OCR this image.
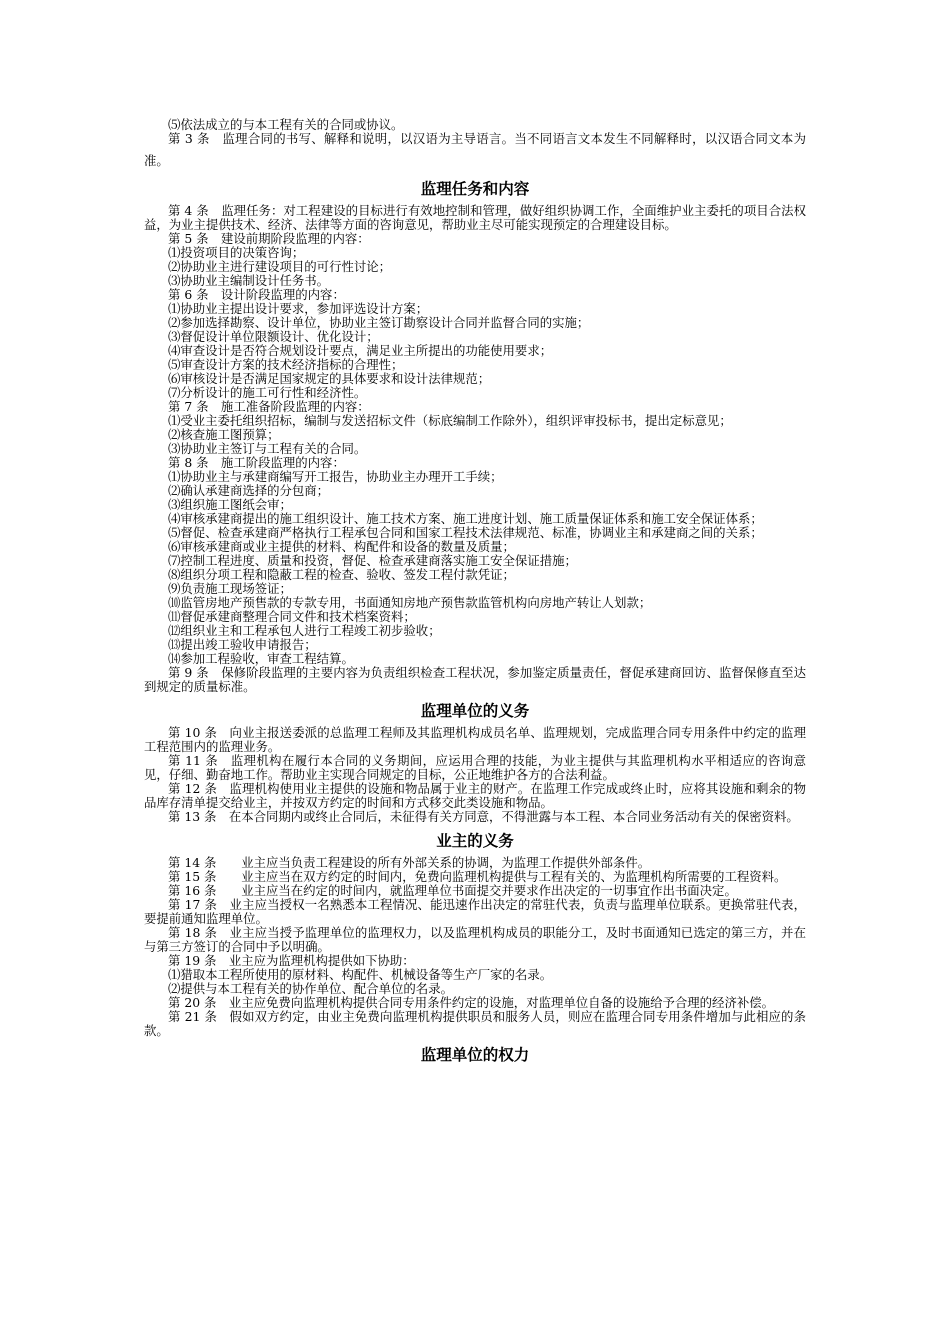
⑸依法成立的与本工程有关的合同或协议。

第 3 条　监理合同的书写、解释和说明，以汉语为主导语言。当不同语言文本发生不同解释时，以汉语合同文本为准。

监理任务和内容

第 4 条　监理任务：对工程建设的目标进行有效地控制和管理，做好组织协调工作，全面维护业主委托的项目合法权益，为业主提供技术、经济、法律等方面的咨询意见，帮助业主尽可能实现预定的合理建设目标。

第 5 条　建设前期阶段监理的内容：

⑴投资项目的决策咨询；

⑵协助业主进行建设项目的可行性讨论；

⑶协助业主编制设计任务书。

第 6 条　设计阶段监理的内容：

⑴协助业主提出设计要求，参加评选设计方案；

⑵参加选择勘察、设计单位，协助业主签订勘察设计合同并监督合同的实施；

⑶督促设计单位限额设计、优化设计；

⑷审查设计是否符合规划设计要点，满足业主所提出的功能使用要求；

⑸审查设计方案的技术经济指标的合理性；

⑹审核设计是否满足国家规定的具体要求和设计法律规范；

⑺分析设计的施工可行性和经济性。

第 7 条　施工准备阶段监理的内容：

⑴受业主委托组织招标，编制与发送招标文件（标底编制工作除外），组织评审投标书，提出定标意见；

⑵核查施工图预算；

⑶协助业主签订与工程有关的合同。

第 8 条　施工阶段监理的内容：

⑴协助业主与承建商编写开工报告，协助业主办理开工手续；

⑵确认承建商选择的分包商；

⑶组织施工图纸会审；

⑷审核承建商提出的施工组织设计、施工技术方案、施工进度计划、施工质量保证体系和施工安全保证体系；

⑸督促、检查承建商严格执行工程承包合同和国家工程技术法律规范、标准，协调业主和承建商之间的关系；

⑹审核承建商或业主提供的材料、构配件和设备的数量及质量；

⑺控制工程进度、质量和投资，督促、检查承建商落实施工安全保证措施；

⑻组织分项工程和隐蔽工程的检查、验收、签发工程付款凭证；

⑼负责施工现场签证；

⑽监管房地产预售款的专款专用，书面通知房地产预售款监管机构向房地产转让人划款；

⑾督促承建商整理合同文件和技术档案资料；

⑿组织业主和工程承包人进行工程竣工初步验收；

⒀提出竣工验收申请报告；

⒁参加工程验收，审查工程结算。

第 9 条　保修阶段监理的主要内容为负责组织检查工程状况，参加鉴定质量责任，督促承建商回访、监督保修直至达到规定的质量标准。

监理单位的义务

第 10 条　向业主报送委派的总监理工程师及其监理机构成员名单、监理规划，完成监理合同专用条件中约定的监理工程范围内的监理业务。

第 11 条　监理机构在履行本合同的义务期间，应运用合理的技能，为业主提供与其监理机构水平相适应的咨询意见，仔细、勤奋地工作。帮助业主实现合同规定的目标，公正地维护各方的合法利益。

第 12 条　监理机构使用业主提供的设施和物品属于业主的财产。在监理工作完成或终止时，应将其设施和剩余的物品库存清单提交给业主，并按双方约定的时间和方式移交此类设施和物品。

第 13 条　在本合同期内或终止合同后，未征得有关方同意，不得泄露与本工程、本合同业务活动有关的保密资料。

业主的义务

第 14 条　　业主应当负责工程建设的所有外部关系的协调，为监理工作提供外部条件。

第 15 条　　业主应当在双方约定的时间内，免费向监理机构提供与工程有关的、为监理机构所需要的工程资料。

第 16 条　　业主应当在约定的时间内，就监理单位书面提交并要求作出决定的一切事宜作出书面决定。

第 17 条　业主应当授权一名熟悉本工程情况、能迅速作出决定的常驻代表，负责与监理单位联系。更换常驻代表，要提前通知监理单位。

第 18 条　业主应当授予监理单位的监理权力，以及监理机构成员的职能分工，及时书面通知已选定的第三方，并在与第三方签订的合同中予以明确。

第 19 条　业主应为监理机构提供如下协助：

⑴猎取本工程所使用的原材料、构配件、机械设备等生产厂家的名录。

⑵提供与本工程有关的协作单位、配合单位的名录。

第 20 条　业主应免费向监理机构提供合同专用条件约定的设施，对监理单位自备的设施给予合理的经济补偿。

第 21 条　假如双方约定，由业主免费向监理机构提供职员和服务人员，则应在监理合同专用条件增加与此相应的条款。

监理单位的权力
